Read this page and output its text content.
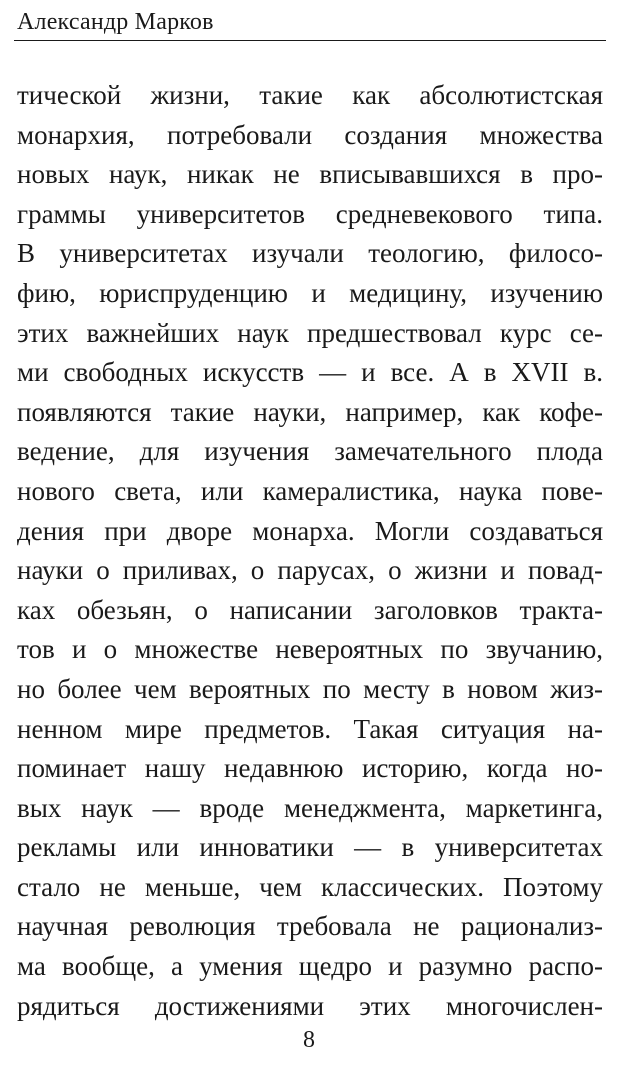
Александр Марков
тической жизни, такие как абсолютистская
монархия, потребовали создания множества
новых наук, никак не вписывавшихся в про-
граммы университетов средневекового типа.
В университетах изучали теологию, филосо-
фию, юриспруденцию и медицину, изучению
этих важнейших наук предшествовал курс се-
ми свободных искусств — и все. А в XVII в.
появляются такие науки, например, как кофе-
ведение, для изучения замечательного плода
нового света, или камералистика, наука пове-
дения при дворе монарха. Могли создаваться
науки о приливах, о парусах, о жизни и повад-
ках обезьян, о написании заголовков тракта-
тов и о множестве невероятных по звучанию,
но более чем вероятных по месту в новом жиз-
ненном мире предметов. Такая ситуация на-
поминает нашу недавнюю историю, когда но-
вых наук — вроде менеджмента, маркетинга,
рекламы или инноватики — в университетах
стало не меньше, чем классических. Поэтому
научная революция требовала не рационализ-
ма вообще, а умения щедро и разумно распо-
рядиться достижениями этих многочислен-
8
